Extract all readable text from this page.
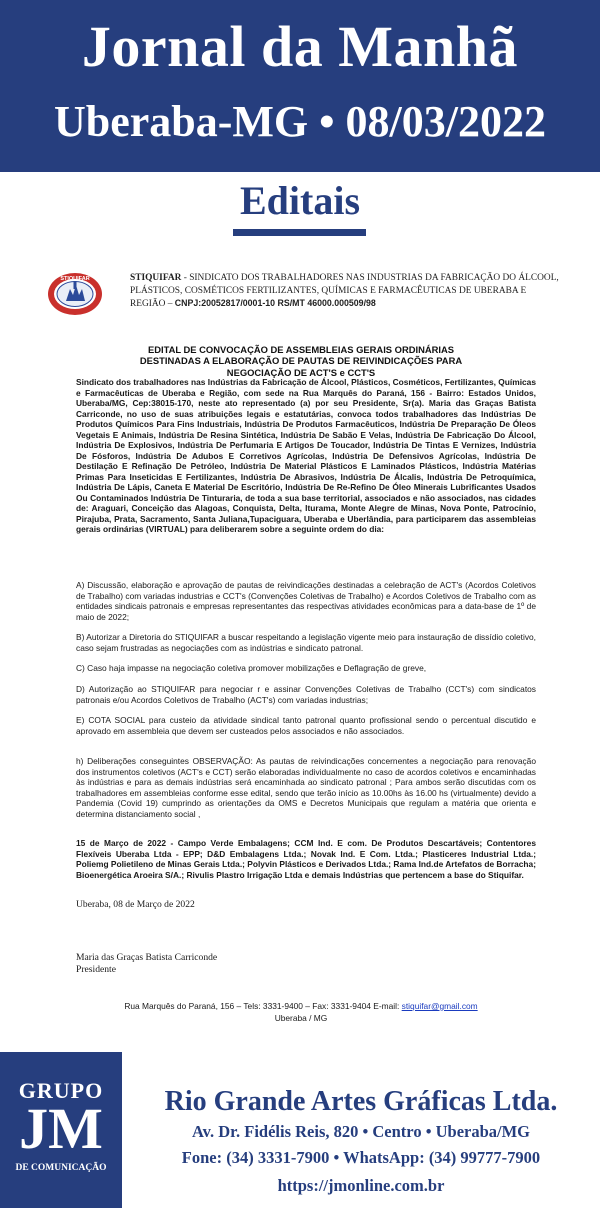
Jornal da Manhã
Uberaba-MG • 08/03/2022
Editais
STIQUIFAR	STIQUIFAR - SINDICATO DOS TRABALHADORES NAS INDUSTRIAS DA FABRICAÇÃO DO ÁLCOOL, PLÁSTICOS, COSMÉTICOS FERTILIZANTES, QUÍMICAS E FARMACÊUTICAS DE UBERABA E REGIÃO – CNPJ:20052817/0001-10 RS/MT 46000.000509/98
EDITAL DE CONVOCAÇÃO DE ASSEMBLEIAS GERAIS ORDINÁRIAS
DESTINADAS A ELABORAÇÃO DE PAUTAS DE REIVINDICAÇÕES PARA
NEGOCIAÇÃO DE ACT'S e CCT'S
Sindicato dos trabalhadores nas Indústrias da Fabricação de Álcool, Plásticos, Cosméticos, Fertilizantes, Químicas e Farmacêuticas de Uberaba e Região, com sede na Rua Marquês do Paraná, 156 - Bairro: Estados Unidos, Uberaba/MG, Cep:38015-170, neste ato representado (a) por seu Presidente, Sr(a). Maria das Graças Batista Carriconde, no uso de suas atribuições legais e estatutárias, convoca todos trabalhadores das Indústrias De Produtos Químicos Para Fins Industriais, Indústria De Produtos Farmacêuticos, Indústria De Preparação De Óleos Vegetais E Animais, Indústria De Resina Sintética, Indústria De Sabão E Velas, Indústria De Fabricação Do Álcool, Indústria De Explosivos, Indústria De Perfumaria E Artigos De Toucador, Indústria De Tintas E Vernizes, Indústria De Fósforos, Indústria De Adubos E Corretivos Agrícolas, Indústria De Defensivos Agrícolas, Indústria De Destilação E Refinação De Petróleo, Indústria De Material Plásticos E Laminados Plásticos, Indústria Matérias Primas Para Inseticidas E Fertilizantes, Indústria De Abrasivos, Indústria De Álcalis, Indústria De Petroquímica, Indústria De Lápis, Caneta E Material De Escritório, Indústria De Re-Refino De Óleo Minerais Lubrificantes Usados Ou Contaminados Indústria De Tinturaria, de toda a sua base territorial, associados e não associados, nas cidades de: Araguari, Conceição das Alagoas, Conquista, Delta, Ituramа, Monte Alegre de Minas, Nova Ponte, Patrocínio, Pirajuba, Prata, Sacramento, Santa Juliana,Tupaciguara, Uberaba e Uberlândia, para participarem das assembleias gerais ordinárias (VIRTUAL) para deliberarem sobre a seguinte ordem do dia:
A) Discussão, elaboração e aprovação de pautas de reivindicações destinadas a celebração de ACT's (Acordos Coletivos de Trabalho) com variadas industrias e CCT's (Convenções Coletivas de Trabalho) e Acordos Coletivos de Trabalho com as entidades sindicais patronais e empresas representantes das respectivas atividades econômicas para a data-base de 1º de maio de 2022;
B) Autorizar a Diretoria do STIQUIFAR a buscar respeitando a legislação vigente meio para instauração de dissídio coletivo, caso sejam frustradas as negociações com as indústrias e sindicato patronal.
C) Caso haja impasse na negociação coletiva promover mobilizações e Deflagração de greve,
D) Autorização ao STIQUIFAR para negociar r e assinar Convenções Coletivas de Trabalho (CCT's) com sindicatos patronais e/ou Acordos Coletivos de Trabalho (ACT's) com variadas industrias;
E) COTA SOCIAL para custeio da atividade sindical tanto patronal quanto profissional sendo o percentual discutido e aprovado em assembleia que devem ser custeados pelos associados e não associados.
h) Deliberações conseguintes OBSERVAÇÃO: As pautas de reivindicações concernentes a negociação para renovação dos instrumentos coletivos (ACT's e CCT) serão elaboradas individualmente no caso de acordos coletivos e encaminhadas às indústrias e para as demais indústrias será encaminhada ao sindicato patronal ; Para ambos serão discutidas com os trabalhadores em assembleias conforme esse edital, sendo que terão início as 10.00hs às 16.00 hs (virtualmente) devido a Pandemia (Covid 19) cumprindo as orientações da OMS e Decretos Municipais que regulam a matéria que orienta e determina distanciamento social ,
15 de Março de 2022 - Campo Verde Embalagens; CCM Ind. E com. De Produtos Descartáveis; Contentores Flexíveis Uberaba Ltda - EPP; D&D Embalagens Ltda.; Novak Ind. E Com. Ltda.; Plasticeres Industrial Ltda.; Poliemg Polietileno de Minas Gerais Ltda.; Polyvin Plásticos e Derivados Ltda.; Rama Ind.de Artefatos de Borracha; Bioenergética Aroeira S/A.; Rivulis Plastro Irrigação Ltda e demais Indústrias que pertencem a base do Stiquifar.
Uberaba, 08 de Março de 2022
Maria das Graças Batista Carriconde
Presidente
Rua Marquês do Paraná, 156 – Tels: 3331-9400 – Fax: 3331-9404 E-mail: stiquifar@gmail.com
Uberaba / MG
GRUPO
JM
DE COMUNICAÇÃO
Rio Grande Artes Gráficas Ltda.
Av. Dr. Fidélis Reis, 820 • Centro • Uberaba/MG
Fone: (34) 3331-7900 • WhatsApp: (34) 99777-7900
https://jmonline.com.br
